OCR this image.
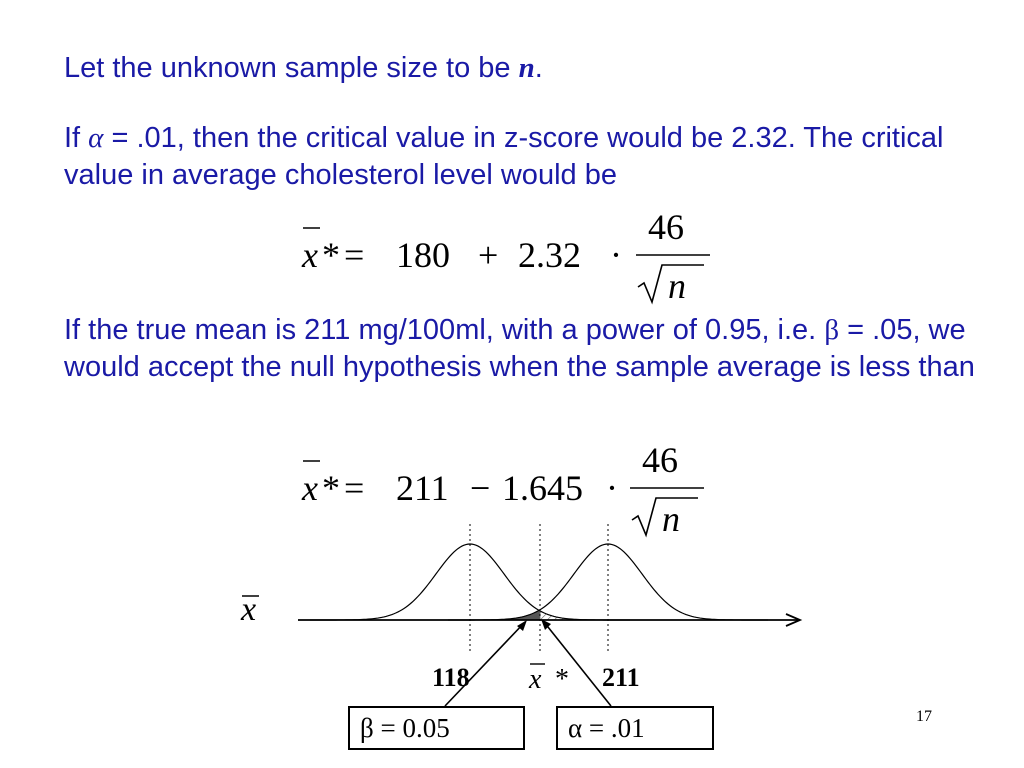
Let the unknown sample size to be n.

If α = .01, then the critical value in z-score would be 2.32. The critical value in average cholesterol level would be

If the true mean is 211 mg/100ml, with a power of 0.95, i.e. β = .05, we would accept the null hypothesis when the sample average is less than

x * = 180 + 2.32 ·
46
n
x * = 211 − 1.645 ·
46
n
x
118 x * 211
β = 0.05	α = .01	17
